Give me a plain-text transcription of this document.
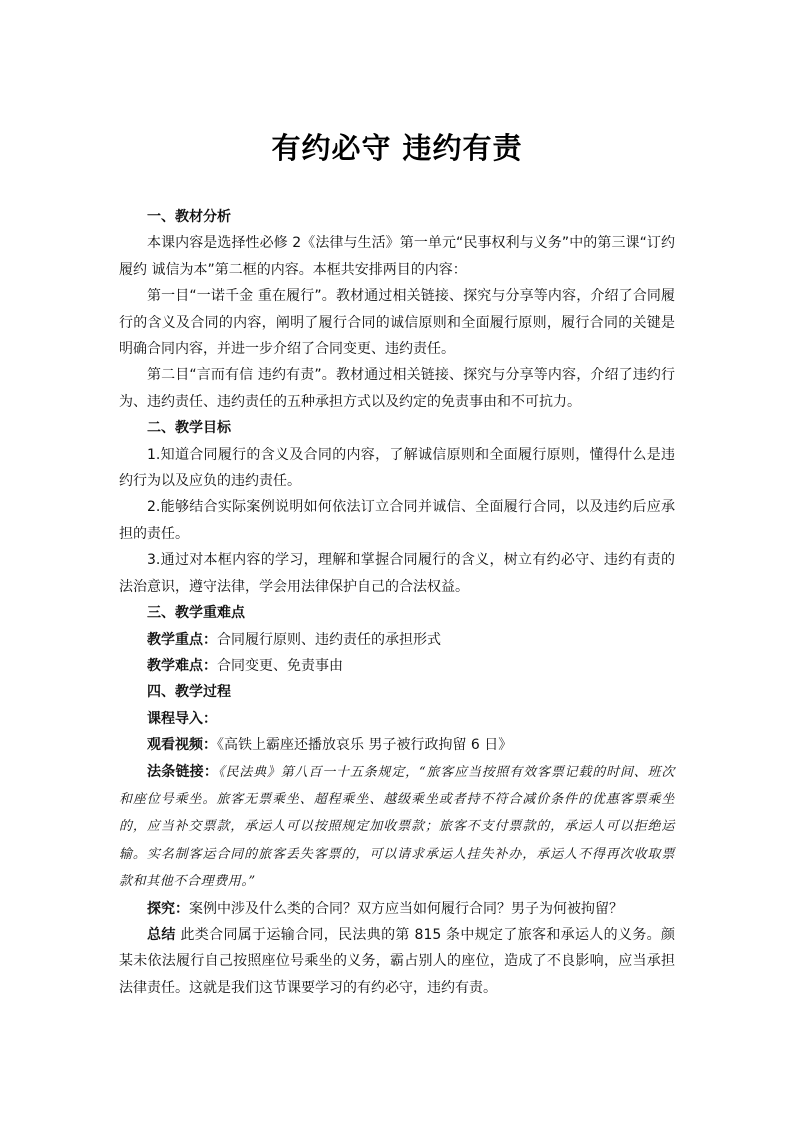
有约必守 违约有责

一、教材分析

本课内容是选择性必修 2《法律与生活》第一单元“民事权利与义务”中的第三课“订约履约 诚信为本”第二框的内容。本框共安排两目的内容：

第一目“一诺千金 重在履行”。教材通过相关链接、探究与分享等内容，介绍了合同履行的含义及合同的内容，阐明了履行合同的诚信原则和全面履行原则，履行合同的关键是明确合同内容，并进一步介绍了合同变更、违约责任。

第二目“言而有信 违约有责”。教材通过相关链接、探究与分享等内容，介绍了违约行为、违约责任、违约责任的五种承担方式以及约定的免责事由和不可抗力。

二、教学目标

1.知道合同履行的含义及合同的内容，了解诚信原则和全面履行原则，懂得什么是违约行为以及应负的违约责任。

2.能够结合实际案例说明如何依法订立合同并诚信、全面履行合同，以及违约后应承担的责任。

3.通过对本框内容的学习，理解和掌握合同履行的含义，树立有约必守、违约有责的法治意识，遵守法律，学会用法律保护自己的合法权益。

三、教学重难点

教学重点：合同履行原则、违约责任的承担形式

教学难点：合同变更、免责事由

四、教学过程

课程导入：

观看视频：《高铁上霸座还播放哀乐 男子被行政拘留 6 日》

法条链接：《民法典》第八百一十五条规定，“旅客应当按照有效客票记载的时间、班次和座位号乘坐。旅客无票乘坐、超程乘坐、越级乘坐或者持不符合减价条件的优惠客票乘坐的，应当补交票款，承运人可以按照规定加收票款；旅客不支付票款的，承运人可以拒绝运输。实名制客运合同的旅客丢失客票的，可以请求承运人挂失补办，承运人不得再次收取票款和其他不合理费用。”

探究：案例中涉及什么类的合同？双方应当如何履行合同？男子为何被拘留？

总结 此类合同属于运输合同，民法典的第 815 条中规定了旅客和承运人的义务。颜某未依法履行自己按照座位号乘坐的义务，霸占别人的座位，造成了不良影响，应当承担法律责任。这就是我们这节课要学习的有约必守，违约有责。
